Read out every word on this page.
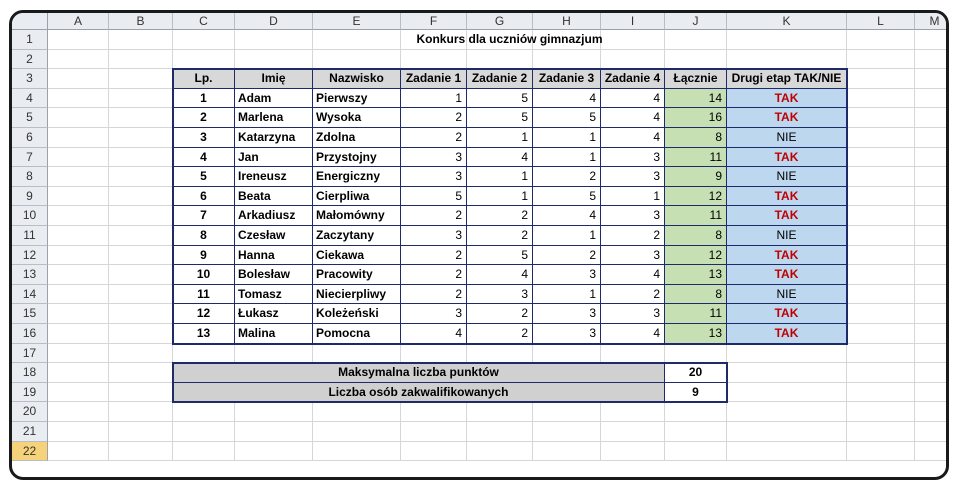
A	B	C	D	E	F	G	H	I	J	K	L	M
1
2
3
4
5
6
7
8
9
10
11
12
13
14
15
16
17
18
19
20
21
22
Konkurs dla uczniów gimnazjum
Lp.	Imię	Nazwisko	Zadanie 1 Zadanie 2 Zadanie 3 Zadanie 4	Łącznie	Drugi etap TAK/NIE
1	Adam	Pierwszy	1	5	4	4	14	TAK
2	Marlena	Wysoka	2	5	5	4	16	TAK
3	Katarzyna	Zdolna	2	1	1	4	8	NIE
4	Jan	Przystojny	3	4	1	3	11	TAK
5	Ireneusz	Energiczny	3	1	2	3	9	NIE
6	Beata	Cierpliwa	5	1	5	1	12	TAK
7	Arkadiusz	Małomówny	2	2	4	3	11	TAK
8	Czesław	Zaczytany	3	2	1	2	8	NIE
9	Hanna	Ciekawa	2	5	2	3	12	TAK
10	Bolesław	Pracowity	2	4	3	4	13	TAK
11	Tomasz	Niecierpliwy	2	3	1	2	8	NIE
12	Łukasz	Koleżeński	3	2	3	3	11	TAK
13	Malina	Pomocna	4	2	3	4	13	TAK
Maksymalna liczba punktów	20
Liczba osób zakwalifikowanych	9
